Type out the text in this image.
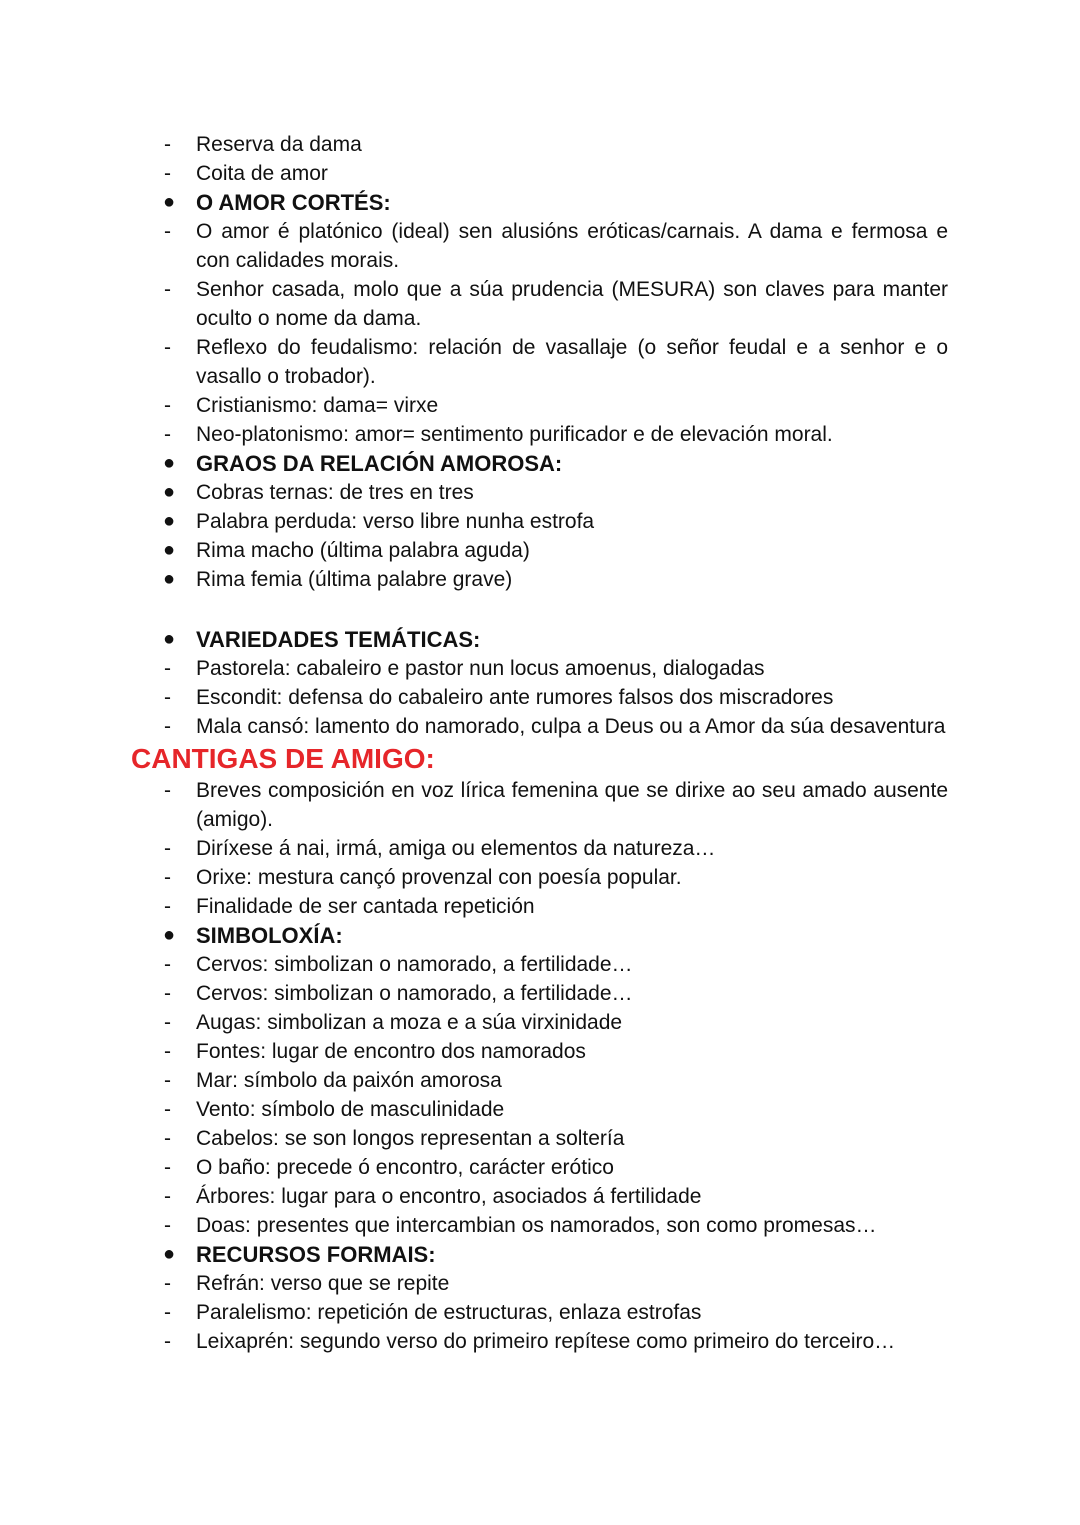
-	Reserva da dama
-	Coita de amor
● O AMOR CORTÉS:
-	O amor é platónico (ideal) sen alusións eróticas/carnais. A dama e fermosa e con calidades morais.
-	Senhor casada, molo que a súa prudencia (MESURA) son claves para manter oculto o nome da dama.
-	Reflexo do feudalismo: relación de vasallaje (o señor feudal e a senhor e o vasallo o trobador).
-	Cristianismo: dama= virxe
-	Neo-platonismo: amor= sentimento purificador e de elevación moral.
● GRAOS DA RELACIÓN AMOROSA:
● Cobras ternas: de tres en tres
● Palabra perduda: verso libre nunha estrofa
● Rima macho (última palabra aguda)
● Rima femia (última palabre grave)
● VARIEDADES TEMÁTICAS:
-	Pastorela: cabaleiro e pastor nun locus amoenus, dialogadas
-	Escondit: defensa do cabaleiro ante rumores falsos dos miscradores
-	Mala cansó: lamento do namorado, culpa a Deus ou a Amor da súa desaventura
CANTIGAS DE AMIGO:
-	Breves composición en voz lírica femenina que se dirixe ao seu amado ausente (amigo).
-	Diríxese á nai, irmá, amiga ou elementos da natureza…
-	Orixe: mestura cançó provenzal con poesía popular.
-	Finalidade de ser cantada repetición
● SIMBOLOXÍA:
-	Cervos: simbolizan o namorado, a fertilidade…
-	Cervos: simbolizan o namorado, a fertilidade…
-	Augas: simbolizan a moza e a súa virxinidade
-	Fontes: lugar de encontro dos namorados
-	Mar: símbolo da paixón amorosa
-	Vento: símbolo de masculinidade
-	Cabelos: se son longos representan a soltería
-	O baño: precede ó encontro, carácter erótico
-	Árbores: lugar para o encontro, asociados á fertilidade
-	Doas: presentes que intercambian os namorados, son como promesas…
● RECURSOS FORMAIS:
-	Refrán: verso que se repite
-	Paralelismo: repetición de estructuras, enlaza estrofas
-	Leixaprén: segundo verso do primeiro repítese como primeiro do terceiro…
